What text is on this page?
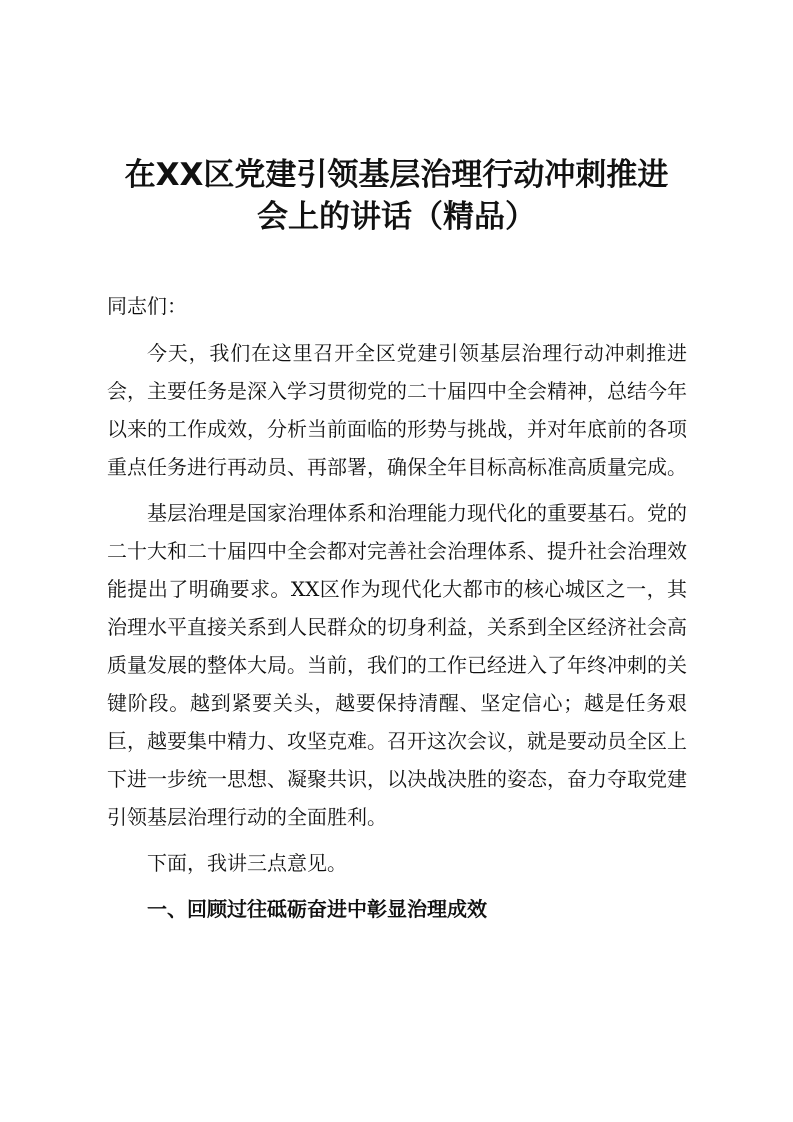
在XX区党建引领基层治理行动冲刺推进
会上的讲话（精品）

同志们：

今天，我们在这里召开全区党建引领基层治理行动冲刺推进会，主要任务是深入学习贯彻党的二十届四中全会精神，总结今年以来的工作成效，分析当前面临的形势与挑战，并对年底前的各项重点任务进行再动员、再部署，确保全年目标高标准高质量完成。

基层治理是国家治理体系和治理能力现代化的重要基石。党的二十大和二十届四中全会都对完善社会治理体系、提升社会治理效能提出了明确要求。XX区作为现代化大都市的核心城区之一，其治理水平直接关系到人民群众的切身利益，关系到全区经济社会高质量发展的整体大局。当前，我们的工作已经进入了年终冲刺的关键阶段。越到紧要关头，越要保持清醒、坚定信心；越是任务艰巨，越要集中精力、攻坚克难。召开这次会议，就是要动员全区上下进一步统一思想、凝聚共识，以决战决胜的姿态，奋力夺取党建引领基层治理行动的全面胜利。

下面，我讲三点意见。

一、回顾过往砥砺奋进中彰显治理成效
